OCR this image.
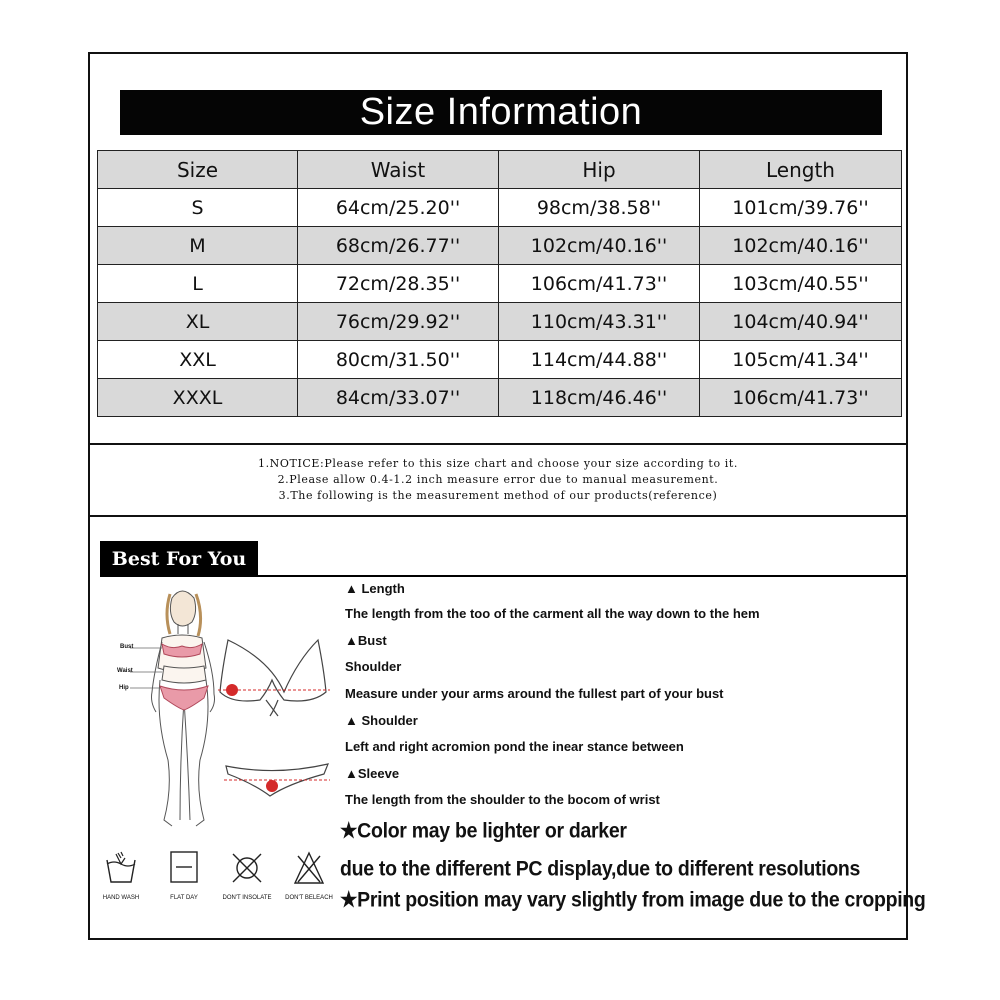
Size Information
Size	Waist	Hip	Length
S	64cm/25.20''	98cm/38.58''	101cm/39.76''
M	68cm/26.77''	102cm/40.16''	102cm/40.16''
L	72cm/28.35''	106cm/41.73''	103cm/40.55''
XL	76cm/29.92''	110cm/43.31''	104cm/40.94''
XXL	80cm/31.50''	114cm/44.88''	105cm/41.34''
XXXL	84cm/33.07''	118cm/46.46''	106cm/41.73''
1.NOTICE:Please refer to this size chart and choose your size according to it.
2.Please allow 0.4-1.2 inch measure error due to manual measurement.
3.The following is the measurement method of our products(reference)
Best For You
Bust
Waist
Hip
▲ Length
The length from the too of the carment all the way down to the hem
▲Bust
Shoulder
Measure under your arms around the fullest part of your bust
▲ Shoulder
Left and right acromion pond the inear stance between
▲Sleeve
The length from the shoulder to the bocom of wrist
★Color may be lighter or darker
due to the different PC display,due to different resolutions
★Print position may vary slightly from image due to the cropping
HAND WASH	FLAT DAY	DON'T INSOLATE DON'T BELEACH
